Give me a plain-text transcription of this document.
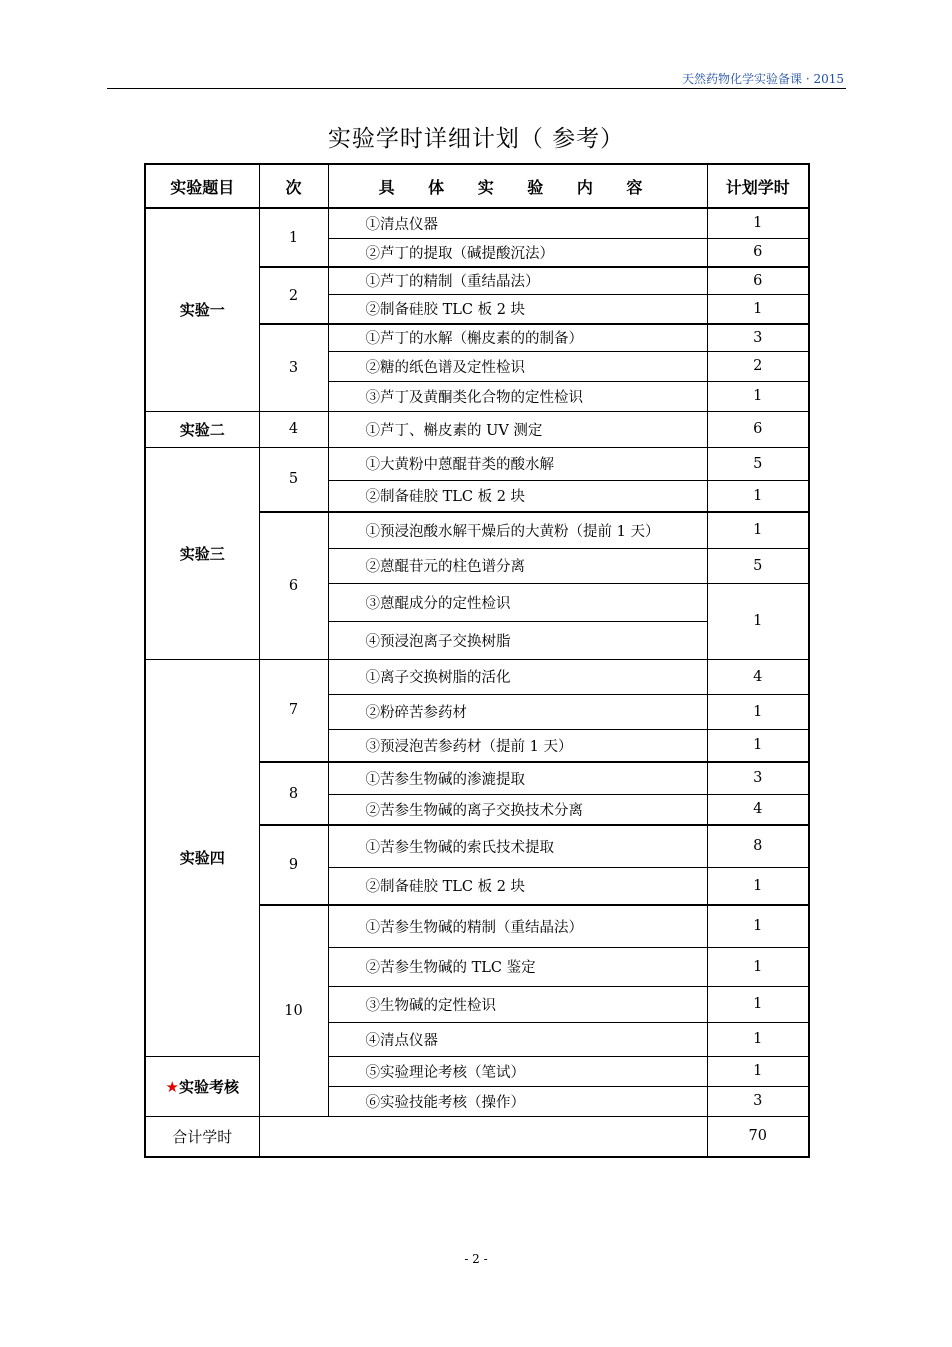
天然药物化学实验备课 · 2015
实验学时详细计划（ 参考）
实验题目	次	具 体 实 验 内 容	计划学时
实验一	1	①清点仪器	1
		②芦丁的提取（碱提酸沉法）	6
	2	①芦丁的精制（重结晶法）	6
		②制备硅胶 TLC 板 2 块	1
	3	①芦丁的水解（槲皮素的的制备）	3
		②糖的纸色谱及定性检识	2
		③芦丁及黄酮类化合物的定性检识	1
实验二	4	①芦丁、槲皮素的 UV 测定	6
实验三	5	①大黄粉中蒽醌苷类的酸水解	5
		②制备硅胶 TLC 板 2 块	1
	6	①预浸泡酸水解干燥后的大黄粉（提前 1 天）	1
		②蒽醌苷元的柱色谱分离	5
		③蒽醌成分的定性检识	1
		④预浸泡离子交换树脂	
实验四	7	①离子交换树脂的活化	4
		②粉碎苦参药材	1
		③预浸泡苦参药材（提前 1 天）	1
	8	①苦参生物碱的渗漉提取	3
		②苦参生物碱的离子交换技术分离	4
	9	①苦参生物碱的索氏技术提取	8
		②制备硅胶 TLC 板 2 块	1
	10	①苦参生物碱的精制（重结晶法）	1
		②苦参生物碱的 TLC 鉴定	1
		③生物碱的定性检识	1
		④清点仪器	1
★实验考核		⑤实验理论考核（笔试）	1
		⑥实验技能考核（操作）	3
合计学时			70
- 2 -
